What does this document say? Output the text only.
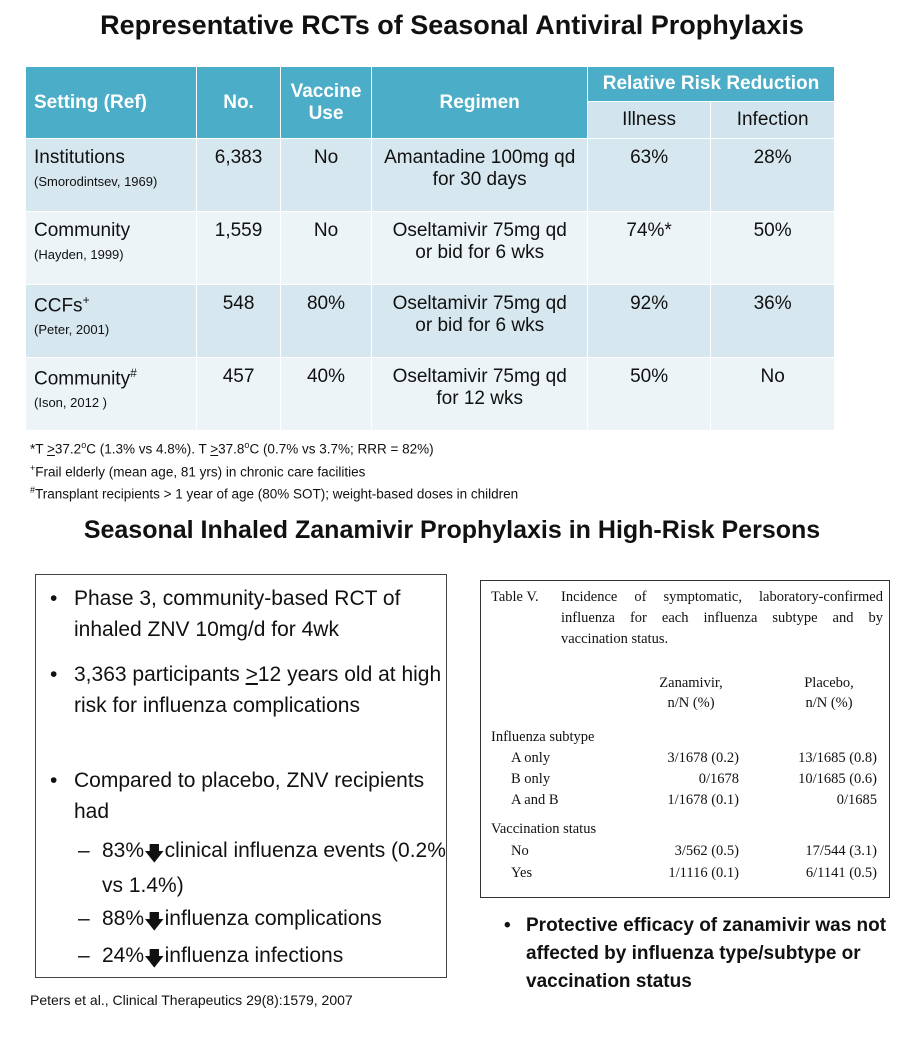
Representative RCTs of Seasonal Antiviral Prophylaxis
Setting (Ref)	No.	Vaccine Use	Regimen	Relative Risk Reduction	
				Illness	Infection
Institutions
(Smorodintsev, 1969)	6,383	No	Amantadine 100mg qd for 30 days	63%	28%
Community
(Hayden, 1999)	1,559	No	Oseltamivir 75mg qd or bid for 6 wks	74%*	50%
CCFs+
(Peter, 2001)	548	80%	Oseltamivir 75mg qd or bid for 6 wks	92%	36%
Community#
(Ison, 2012 )	457	40%	Oseltamivir 75mg qd for 12 wks	50%	No
$*T >37.2^oC$ (1.3% vs 4.8%). $T >37.8^oC$ (0.7% vs 3.7%; RRR = 82%)
+Frail elderly (mean age, 81 yrs) in chronic care facilities
#Transplant recipients > 1 year of age (80% SOT); weight-based doses in children
Seasonal Inhaled Zanamivir Prophylaxis in High-Risk Persons

• Phase 3, community-based RCT of inhaled ZNV 10mg/d for 4wk

• 3,363 participants >12 years old at high risk for influenza complications

• Compared to placebo, ZNV recipients had

– 83%🡇clinical influenza events (0.2% vs 1.4%)

– 88%🡇influenza complications

– 24%🡇influenza infections

Table V.	Incidence of symptomatic, laboratory-confirmed influenza for each influenza subtype and by vaccination status.
Zanamivir,
n/N (%)
Placebo,
n/N (%)
Influenza subtype
A only	3/1678 (0.2)	13/1685 (0.8)
B only	0/1678	10/1685 (0.6)
A and B	1/1678 (0.1)	0/1685
Vaccination status
No	3/562 (0.5)	17/544 (3.1)
Yes	1/1116 (0.1)	6/1141 (0.5)
• Protective efficacy of zanamivir was not affected by influenza type/subtype or vaccination status
Peters et al., Clinical Therapeutics 29(8):1579, 2007
